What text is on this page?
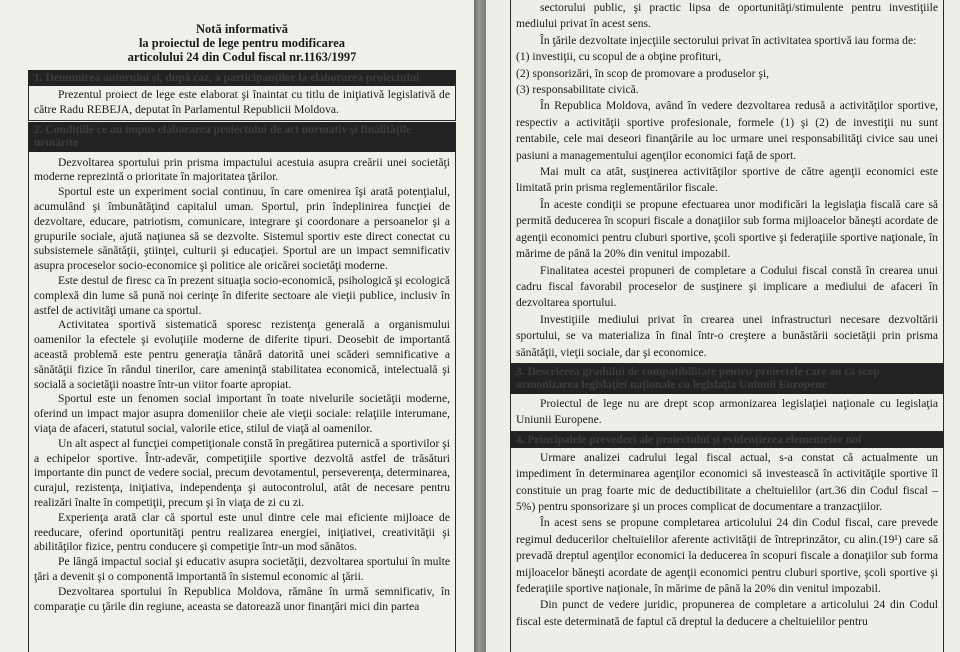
Notă informativă
la proiectul de lege pentru modificarea
articolului 24 din Codul fiscal nr.1163/1997
1. Denumirea autorului şi, după caz, a participanţilor la elaborarea proiectului

Prezentul proiect de lege este elaborat şi înaintat cu titlu de iniţiativă legislativă de către Radu REBEJA, deputat în Parlamentul Republicii Moldova.

2. Condiţiile ce au impus elaborarea proiectului de act normativ şi finalităţile urmărite

Dezvoltarea sportului prin prisma impactului acestuia asupra creării unei societăţi moderne reprezintă o prioritate în majoritatea ţărilor.

Sportul este un experiment social continuu, în care omenirea îşi arată potenţialul, acumulând şi îmbunătăţind capitalul uman. Sportul, prin îndeplinirea funcţiei de dezvoltare, educare, patriotism, comunicare, integrare şi coordonare a persoanelor şi a grupurile sociale, ajută naţiunea să se dezvolte. Sistemul sportiv este direct conectat cu subsistemele sănătăţii, ştiinţei, culturii şi educaţiei. Sportul are un impact semnificativ asupra proceselor socio-economice şi politice ale oricărei societăţi moderne.

Este destul de firesc ca în prezent situaţia socio-economică, psihologică şi ecologică complexă din lume să pună noi cerinţe în diferite sectoare ale vieţii publice, inclusiv în astfel de activităţi umane ca sportul.

Activitatea sportivă sistematică sporesc rezistenţa generală a organismului oamenilor la efectele şi evoluţiile moderne de diferite tipuri. Deosebit de importantă această problemă este pentru generaţia tânără datorită unei scăderi semnificative a sănătăţii fizice în rândul tinerilor, care ameninţă stabilitatea economică, intelectuală şi socială a societăţii noastre într-un viitor foarte apropiat.

Sportul este un fenomen social important în toate nivelurile societăţii moderne, oferind un impact major asupra domeniilor cheie ale vieţii sociale: relaţiile interumane, viaţa de afaceri, statutul social, valorile etice, stilul de viaţă al oamenilor.

Un alt aspect al funcţiei competiţionale constă în pregătirea puternică a sportivilor şi a echipelor sportive. Într-adevăr, competiţiile sportive dezvoltă astfel de trăsături importante din punct de vedere social, precum devotamentul, perseverenţa, determinarea, curajul, rezistenţa, iniţiativa, independenţa şi autocontrolul, atât de necesare pentru realizări înalte în competiţii, precum şi în viaţa de zi cu zi.

Experienţa arată clar că sportul este unul dintre cele mai eficiente mijloace de reeducare, oferind oportunităţi pentru realizarea energiei, iniţiativei, creativităţii şi abilităţilor fizice, pentru conducere şi competiţie într-un mod sănătos.

Pe lângă impactul social şi educativ asupra societăţii, dezvoltarea sportului în multe ţări a devenit şi o componentă importantă în sistemul economic al ţării.

Dezvoltarea sportului în Republica Moldova, rămâne în urmă semnificativ, în comparaţie cu ţările din regiune, aceasta se datorează unor finanţări mici din partea

sectorului public, şi practic lipsa de oportunităţi/stimulente pentru investiţiile mediului privat în acest sens.

În ţările dezvoltate injecţiile sectorului privat în activitatea sportivă iau forma de:

(1) investiţii, cu scopul de a obţine profituri,

(2) sponsorizări, în scop de promovare a produselor şi,

(3) responsabilitate civică.

În Republica Moldova, având în vedere dezvoltarea redusă a activităţilor sportive, respectiv a activităţii sportive profesionale, formele (1) şi (2) de investiţii nu sunt rentabile, cele mai deseori finanţările au loc urmare unei responsabilităţi civice sau unei pasiuni a managementului agenţilor economici faţă de sport.

Mai mult ca atât, susţinerea activităţilor sportive de către agenţii economici este limitată prin prisma reglementărilor fiscale.

În aceste condiţii se propune efectuarea unor modificări la legislaţia fiscală care să permită deducerea în scopuri fiscale a donaţiilor sub forma mijloacelor băneşti acordate de agenţii economici pentru cluburi sportive, şcoli sportive şi federaţiile sportive naţionale, în mărime de până la 20% din venitul impozabil.

Finalitatea acestei propuneri de completare a Codului fiscal constă în crearea unui cadru fiscal favorabil proceselor de susţinere şi implicare a mediului de afaceri în dezvoltarea sportului.

Investiţiile mediului privat în crearea unei infrastructuri necesare dezvoltării sportului, se va materializa în final într-o creştere a bunăstării societăţii prin prisma sănătăţii, vieţii sociale, dar şi economice.

3. Descrierea gradului de compatibilitate pentru proiectele care au ca scop armonizarea legislaţiei naţionale cu legislaţia Uniunii Europene

Proiectul de lege nu are drept scop armonizarea legislaţiei naţionale cu legislaţia Uniunii Europene.

4. Principalele prevederi ale proiectului şi evidenţierea elementelor noi

Urmare analizei cadrului legal fiscal actual, s-a constat că actualmente un impediment în determinarea agenţilor economici să investească în activităţile sportive îl constituie un prag foarte mic de deductibilitate a cheltuielilor (art.36 din Codul fiscal – 5%) pentru sponsorizare şi un proces complicat de documentare a tranzacţiilor.

În acest sens se propune completarea articolului 24 din Codul fiscal, care prevede regimul deducerilor cheltuielilor aferente activităţii de întreprinzător, cu alin.(19¹) care să prevadă dreptul agenţilor economici la deducerea în scopuri fiscale a donaţiilor sub forma mijloacelor băneşti acordate de agenţii economici pentru cluburi sportive, şcoli sportive şi federaţiile sportive naţionale, în mărime de până la 20% din venitul impozabil.

Din punct de vedere juridic, propunerea de completare a articolului 24 din Codul fiscal este determinată de faptul că dreptul la deducere a cheltuielilor pentru
